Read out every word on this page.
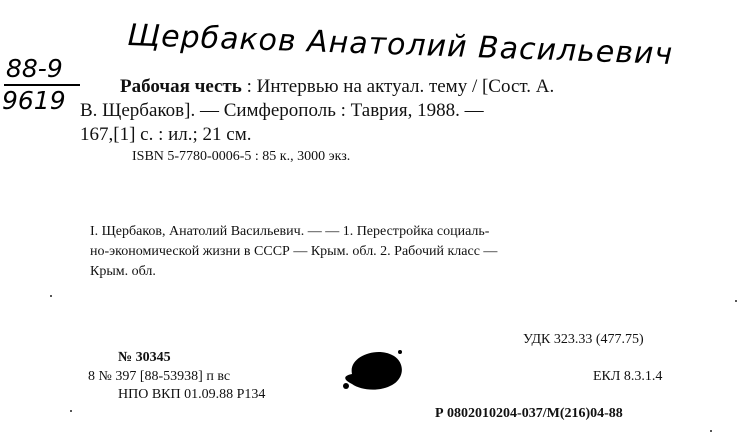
Щербаков Анатолий Васильевич
88-9
9619	Рабочая честь : Интервью на актуал. тему / [Сост. А.
В. Щербаков]. — Симферополь : Таврия, 1988. —
167,[1] с. : ил.; 21 см.
ISBN 5-7780-0006-5 : 85 к., 3000 экз.
I. Щербаков, Анатолий Васильевич. — — 1. Перестройка социаль-
но-экономической жизни в СССР — Крым. обл. 2. Рабочий класс —
Крым. обл.
УДК 323.33 (477.75)
№ 30345
8 № 397 [88-53938] п вс	ЕКЛ 8.3.1.4
НПО ВКП 01.09.88 Р134
Р 0802010204-037/М(216)04-88
